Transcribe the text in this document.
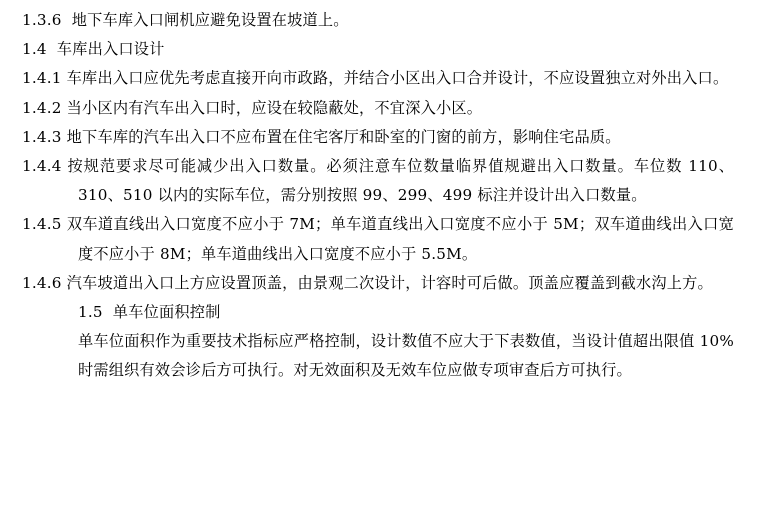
1.3.6  地下车库入口闸机应避免设置在坡道上。

1.4  车库出入口设计

1.4.1 车库出入口应优先考虑直接开向市政路，并结合小区出入口合并设计，不应设置独立对外出入口。

1.4.2 当小区内有汽车出入口时，应设在较隐蔽处，不宜深入小区。

1.4.3 地下车库的汽车出入口不应布置在住宅客厅和卧室的门窗的前方，影响住宅品质。

1.4.4 按规范要求尽可能减少出入口数量。必须注意车位数量临界值规避出入口数量。车位数 110、310、510 以内的实际车位，需分别按照 99、299、499 标注并设计出入口数量。

1.4.5 双车道直线出入口宽度不应小于 7M；单车道直线出入口宽度不应小于 5M；双车道曲线出入口宽度不应小于 8M；单车道曲线出入口宽度不应小于 5.5M。

1.4.6 汽车坡道出入口上方应设置顶盖，由景观二次设计，计容时可后做。顶盖应覆盖到截水沟上方。

1.5  单车位面积控制

单车位面积作为重要技术指标应严格控制，设计数值不应大于下表数值，当设计值超出限值 10%时需组织有效会诊后方可执行。对无效面积及无效车位应做专项审查后方可执行。
